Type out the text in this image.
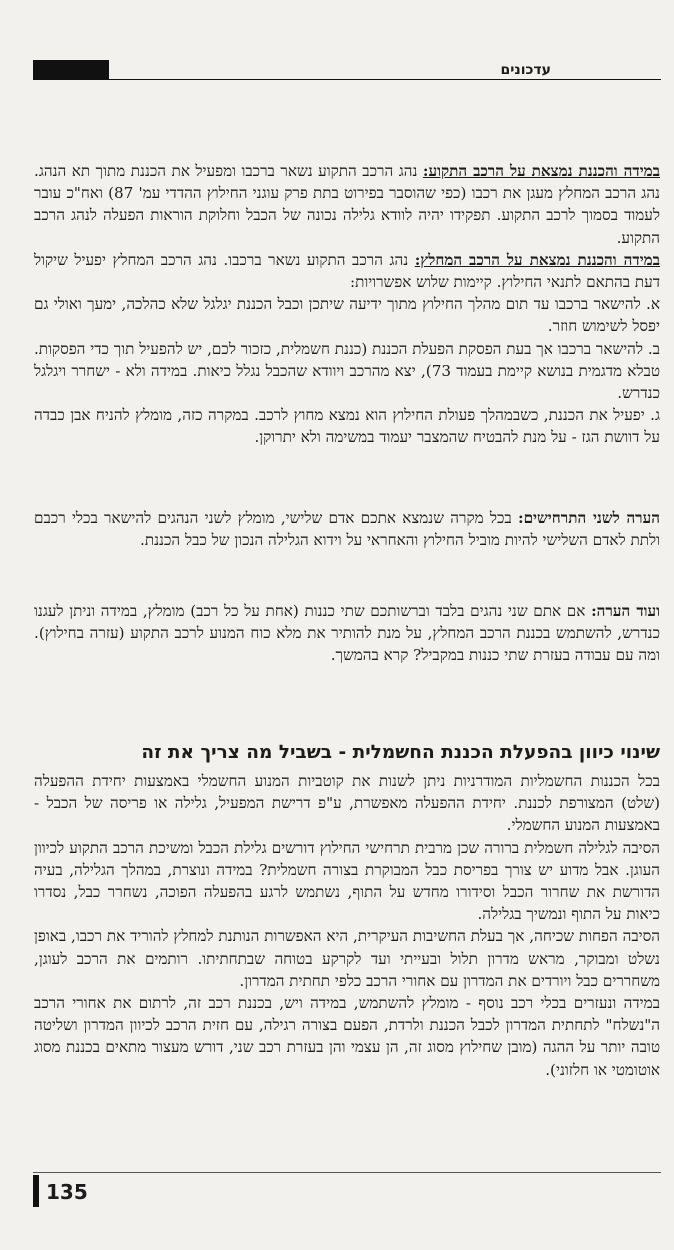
עדכונים

במידה והכננת נמצאת על הרכב התקוע: נהג הרכב התקוע נשאר ברכבו ומפעיל את הכננת מתוך תא הנהג. נהג הרכב המחלץ מעגן את רכבו (כפי שהוסבר בפירוט בתת פרק עוגני החילוץ ההדדי עמ' 87) ואח"כ עובר לעמוד בסמוך לרכב התקוע. תפקידו יהיה לוודא גלילה נכונה של הכבל וחלוקת הוראות הפעלה לנהג הרכב התקוע.

במידה והכננת נמצאת על הרכב המחלץ: נהג הרכב התקוע נשאר ברכבו. נהג הרכב המחלץ יפעיל שיקול דעת בהתאם לתנאי החילוץ. קיימות שלוש אפשרויות:

א. להישאר ברכבו עד תום מהלך החילוץ מתוך ידיעה שיתכן וכבל הכננת יגלגל שלא כהלכה, ימעך ואולי גם יפסל לשימוש חוזר.

ב. להישאר ברכבו אך בעת הפסקת הפעלת הכננת (כננת חשמלית, כזכור לכם, יש להפעיל תוך כדי הפסקות. טבלא מדגמית בנושא קיימת בעמוד 73), יצא מהרכב ויוודא שהכבל נגלל כיאות. במידה ולא - ישחרר ויגלגל כנדרש.

ג. יפעיל את הכננת, כשבמהלך פעולת החילוץ הוא נמצא מחוץ לרכב. במקרה כזה, מומלץ להניח אבן כבדה על דוושת הגז - על מנת להבטיח שהמצבר יעמוד במשימה ולא יתרוקן.

הערה לשני התרחישים: בכל מקרה שנמצא אתכם אדם שלישי, מומלץ לשני הנהגים להישאר בכלי רכבם ולתת לאדם השלישי להיות מוביל החילוץ והאחראי על וידוא הגלילה הנכון של כבל הכננת.

ועוד הערה: אם אתם שני נהגים בלבד וברשותכם שתי כננות (אחת על כל רכב) מומלץ, במידה וניתן לעגנו כנדרש, להשתמש בכננת הרכב המחלץ, על מנת להותיר את מלא כוח המנוע לרכב התקוע (עזרה בחילוץ). ומה עם עבודה בעזרת שתי כננות במקביל? קרא בהמשך.

שינוי כיוון בהפעלת הכננת החשמלית - בשביל מה צריך את זה

בכל הכננות החשמליות המודרניות ניתן לשנות את קוטביות המנוע החשמלי באמצעות יחידת ההפעלה (שלט) המצורפת לכננת. יחידת ההפעלה מאפשרת, ע"פ דרישת המפעיל, גלילה או פריסה של הכבל - באמצעות המנוע החשמלי.

הסיבה לגלילה חשמלית ברורה שכן מרבית תרחישי החילוץ דורשים גלילת הכבל ומשיכת הרכב התקוע לכיוון העוגן. אבל מדוע יש צורך בפריסת כבל המבוקרת בצורה חשמלית? במידה ונוצרת, במהלך הגלילה, בעיה הדורשת את שחרור הכבל וסידורו מחדש על התוף, נשתמש לרגע בהפעלה הפוכה, נשחרר כבל, נסדרו כיאות על התוף ונמשיך בגלילה.

הסיבה הפחות שכיחה, אך בעלת החשיבות העיקרית, היא האפשרות הנותנת למחלץ להוריד את רכבו, באופן נשלט ומבוקר, מראש מדרון תלול ובעייתי ועד לקרקע בטוחה שבתחתיתו. רותמים את הרכב לעוגן, משחררים כבל ויורדים את המדרון עם אחורי הרכב כלפי תחתית המדרון.

במידה ונעזרים בכלי רכב נוסף - מומלץ להשתמש, במידה ויש, בכננת רכב זה, לרתום את אחורי הרכב ה"נשלח" לתחתית המדרון לכבל הכננת ולרדת, הפעם בצורה רגילה, עם חזית הרכב לכיוון המדרון ושליטה טובה יותר על ההגה (מובן שחילוץ מסוג זה, הן עצמי והן בעזרת רכב שני, דורש מעצור מתאים בכננת מסוג אוטומטי או חלזוני).

135
